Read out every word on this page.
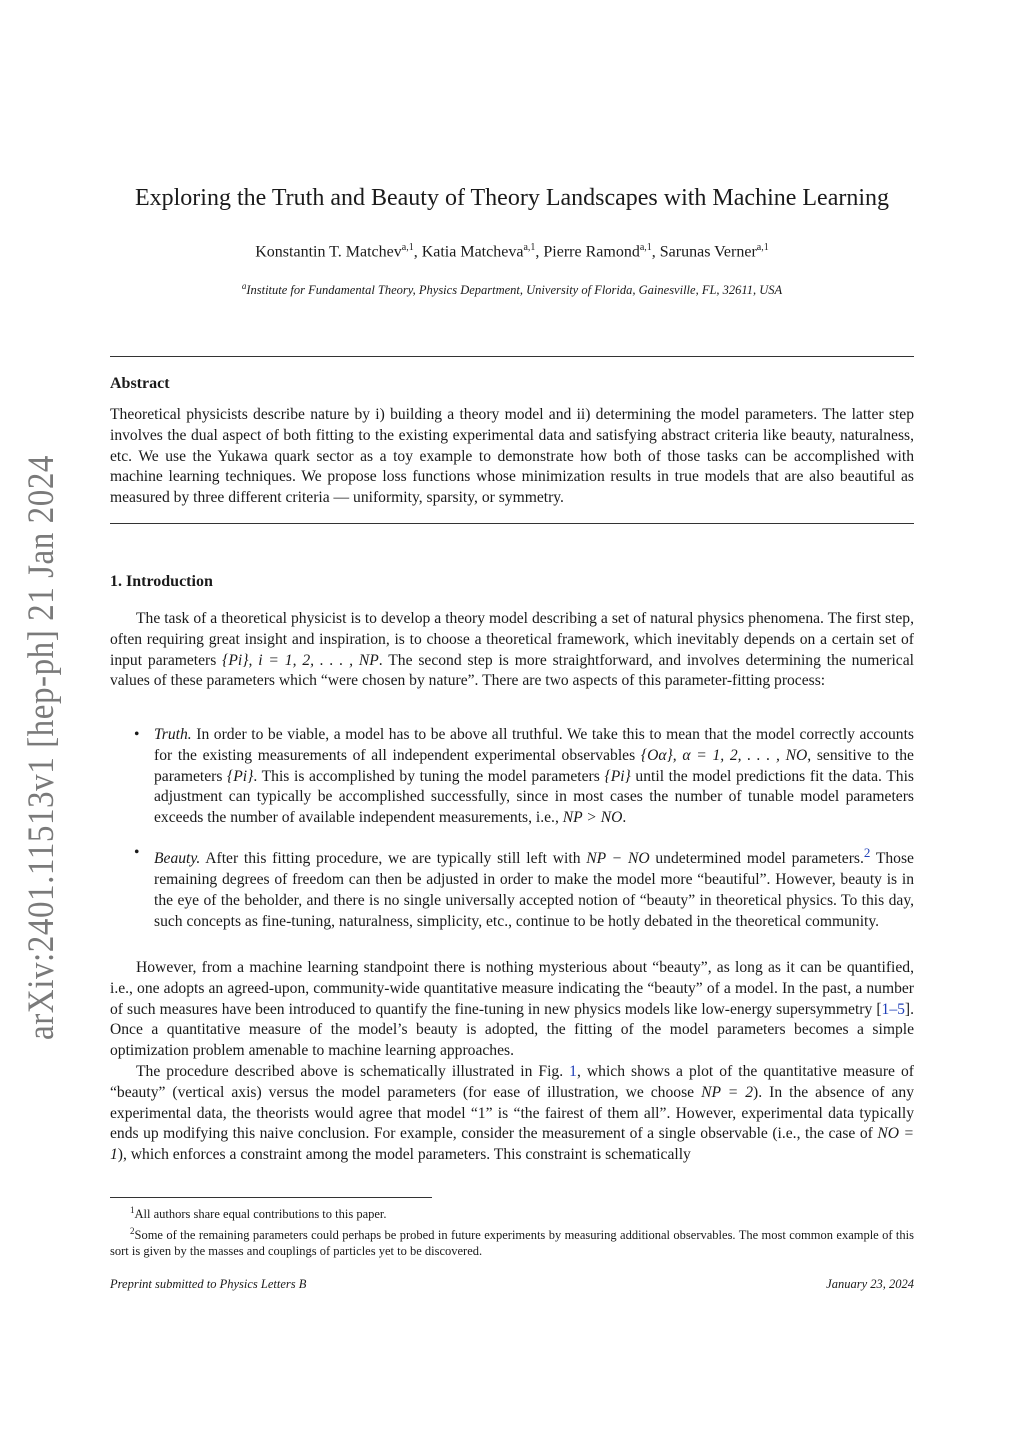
arXiv:2401.11513v1 [hep-ph] 21 Jan 2024
Exploring the Truth and Beauty of Theory Landscapes with Machine Learning
Konstantin T. Matchev$^{a,1}$, Katia Matcheva$^{a,1}$, Pierre Ramond$^{a,1}$, Sarunas Verner$^{a,1}$
$^a$Institute for Fundamental Theory, Physics Department, University of Florida, Gainesville, FL, 32611, USA
Abstract

Theoretical physicists describe nature by i) building a theory model and ii) determining the model parameters. The latter step involves the dual aspect of both fitting to the existing experimental data and satisfying abstract criteria like beauty, naturalness, etc. We use the Yukawa quark sector as a toy example to demonstrate how both of those tasks can be accomplished with machine learning techniques. We propose loss functions whose minimization results in true models that are also beautiful as measured by three different criteria — uniformity, sparsity, or symmetry.

1. Introduction

The task of a theoretical physicist is to develop a theory model describing a set of natural physics phenomena. The first step, often requiring great insight and inspiration, is to choose a theoretical framework, which inevitably depends on a certain set of input parameters {Pi}, i = 1, 2, . . . , NP. The second step is more straightforward, and involves determining the numerical values of these parameters which “were chosen by nature”. There are two aspects of this parameter-fitting process:

• Truth. In order to be viable, a model has to be above all truthful. We take this to mean that the model correctly accounts for the existing measurements of all independent experimental observables {Oα}, α = 1, 2, . . . , NO, sensitive to the parameters {Pi}. This is accomplished by tuning the model parameters {Pi} until the model predictions fit the data. This adjustment can typically be accomplished successfully, since in most cases the number of tunable model parameters exceeds the number of available independent measurements, i.e., NP > NO.
• Beauty. After this fitting procedure, we are typically still left with NP − NO undetermined model parameters.$^2$ Those remaining degrees of freedom can then be adjusted in order to make the model more “beautiful”. However, beauty is in the eye of the beholder, and there is no single universally accepted notion of “beauty” in theoretical physics. To this day, such concepts as fine-tuning, naturalness, simplicity, etc., continue to be hotly debated in the theoretical community.

However, from a machine learning standpoint there is nothing mysterious about “beauty”, as long as it can be quantified, i.e., one adopts an agreed-upon, community-wide quantitative measure indicating the “beauty” of a model. In the past, a number of such measures have been introduced to quantify the fine-tuning in new physics models like low-energy supersymmetry [1–5]. Once a quantitative measure of the model’s beauty is adopted, the fitting of the model parameters becomes a simple optimization problem amenable to machine learning approaches.

The procedure described above is schematically illustrated in Fig. 1, which shows a plot of the quantitative measure of “beauty” (vertical axis) versus the model parameters (for ease of illustration, we choose NP = 2). In the absence of any experimental data, the theorists would agree that model “1” is “the fairest of them all”. However, experimental data typically ends up modifying this naive conclusion. For example, consider the measurement of a single observable (i.e., the case of NO = 1), which enforces a constraint among the model parameters. This constraint is schematically

$^1$All authors share equal contributions to this paper.

$^2$Some of the remaining parameters could perhaps be probed in future experiments by measuring additional observables. The most common example of this sort is given by the masses and couplings of particles yet to be discovered.

Preprint submitted to Physics Letters B	January 23, 2024
